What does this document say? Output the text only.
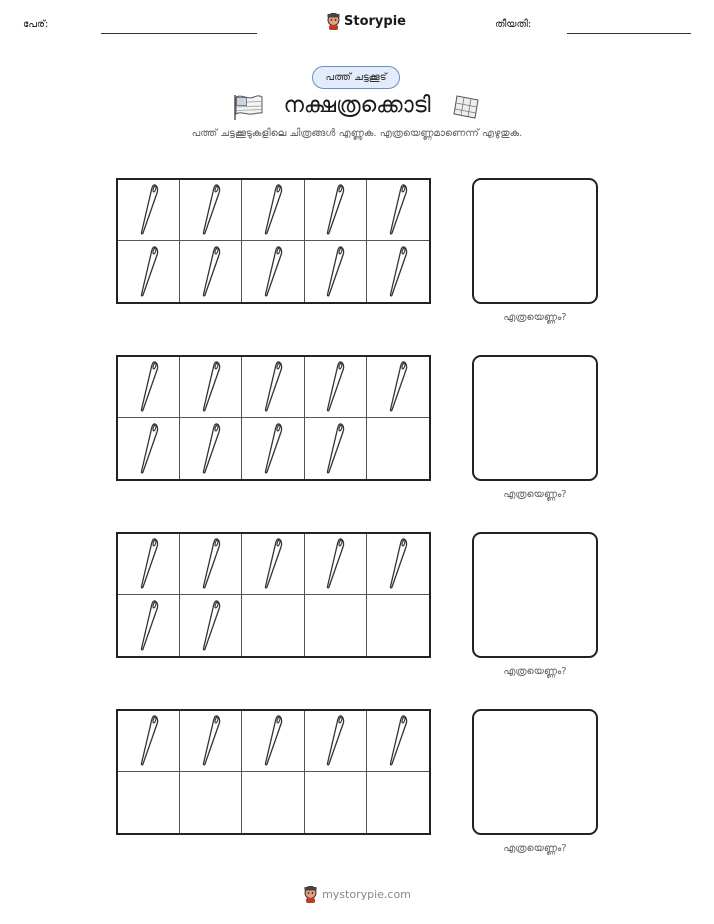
പേര്:	Storypie	തീയതി:
പത്ത് ചട്ടക്കൂട്
നക്ഷത്രക്കൊടി
പത്ത് ചട്ടക്കൂടുകളിലെ ചിത്രങ്ങൾ എണ്ണുക. എത്രയെണ്ണമാണെന്ന് എഴുതുക.
എത്രയെണ്ണം?
എത്രയെണ്ണം?
എത്രയെണ്ണം?
എത്രയെണ്ണം?
mystorypie.com
